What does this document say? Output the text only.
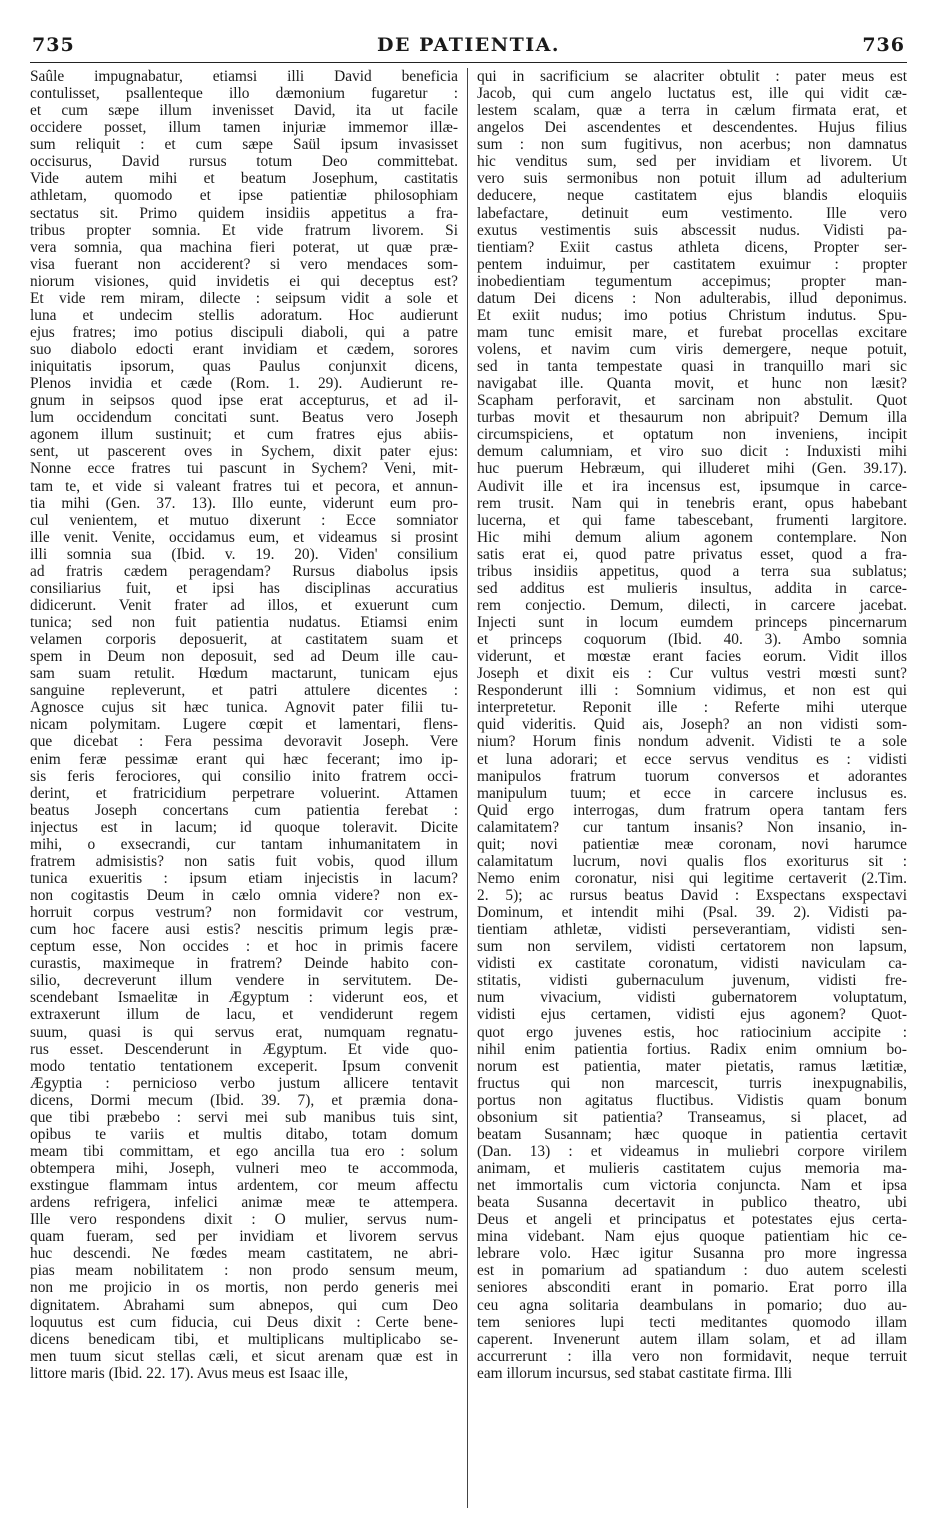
735	DE PATIENTIA.	736
Saûle impugnabatur, etiamsi illi David beneficia
contulisset, psallenteque illo dæmonium fugaretur :
et cum sæpe illum invenisset David, ita ut facile
occidere posset, illum tamen injuriæ immemor illæ-
sum reliquit : et cum sæpe Saül ipsum invasisset
occisurus, David rursus totum Deo committebat.
Vide autem mihi et beatum Josephum, castitatis
athletam, quomodo et ipse patientiæ philosophiam
sectatus sit. Primo quidem insidiis appetitus a fra-
tribus propter somnia. Et vide fratrum livorem. Si
vera somnia, qua machina fieri poterat, ut quæ præ-
visa fuerant non acciderent? si vero mendaces som-
niorum visiones, quid invidetis ei qui deceptus est?
Et vide rem miram, dilecte : seipsum vidit a sole et
luna et undecim stellis adoratum. Hoc audierunt
ejus fratres; imo potius discipuli diaboli, qui a patre
suo diabolo edocti erant invidiam et cædem, sorores
iniquitatis ipsorum, quas Paulus conjunxit dicens,
Plenos invidia et cæde (Rom. 1. 29). Audierunt re-
gnum in seipsos quod ipse erat accepturus, et ad il-
lum occidendum concitati sunt. Beatus vero Joseph
agonem illum sustinuit; et cum fratres ejus abiis-
sent, ut pascerent oves in Sychem, dixit pater ejus:
Nonne ecce fratres tui pascunt in Sychem? Veni, mit-
tam te, et vide si valeant fratres tui et pecora, et annun-
tia mihi (Gen. 37. 13). Illo eunte, viderunt eum pro-
cul venientem, et mutuo dixerunt : Ecce somniator
ille venit. Venite, occidamus eum, et videamus si prosint
illi somnia sua (Ibid. v. 19. 20). Viden' consilium
ad fratris cædem peragendam? Rursus diabolus ipsis
consiliarius fuit, et ipsi has disciplinas accuratius
didicerunt. Venit frater ad illos, et exuerunt cum
tunica; sed non fuit patientia nudatus. Etiamsi enim
velamen corporis deposuerit, at castitatem suam et
spem in Deum non deposuit, sed ad Deum ille cau-
sam suam retulit. Hœdum mactarunt, tunicam ejus
sanguine repleverunt, et patri attulere dicentes :
Agnosce cujus sit hæc tunica. Agnovit pater filii tu-
nicam polymitam. Lugere cœpit et lamentari, flens-
que dicebat : Fera pessima devoravit Joseph. Vere
enim feræ pessimæ erant qui hæc fecerant; imo ip-
sis feris ferociores, qui consilio inito fratrem occi-
derint, et fratricidium perpetrare voluerint. Attamen
beatus Joseph concertans cum patientia ferebat :
injectus est in lacum; id quoque toleravit. Dicite
mihi, o exsecrandi, cur tantam inhumanitatem in
fratrem admisistis? non satis fuit vobis, quod illum
tunica exueritis : ipsum etiam injecistis in lacum?
non cogitastis Deum in cælo omnia videre? non ex-
horruit corpus vestrum? non formidavit cor vestrum,
cum hoc facere ausi estis? nescitis primum legis præ-
ceptum esse, Non occides : et hoc in primis facere
curastis, maximeque in fratrem? Deinde habito con-
silio, decreverunt illum vendere in servitutem. De-
scendebant Ismaelitæ in Ægyptum : viderunt eos, et
extraxerunt illum de lacu, et vendiderunt regem
suum, quasi is qui servus erat, numquam regnatu-
rus esset. Descenderunt in Ægyptum. Et vide quo-
modo tentatio tentationem exceperit. Ipsum convenit
Ægyptia : pernicioso verbo justum allicere tentavit
dicens, Dormi mecum (Ibid. 39. 7), et præmia dona-
que tibi præbebo : servi mei sub manibus tuis sint,
opibus te variis et multis ditabo, totam domum
meam tibi committam, et ego ancilla tua ero : solum
obtempera mihi, Joseph, vulneri meo te accommoda,
exstingue flammam intus ardentem, cor meum affectu
ardens refrigera, infelici animæ meæ te attempera.
Ille vero respondens dixit : O mulier, servus num-
quam fueram, sed per invidiam et livorem servus
huc descendi. Ne fœdes meam castitatem, ne abri-
pias meam nobilitatem : non prodo sensum meum,
non me projicio in os mortis, non perdo generis mei
dignitatem. Abrahami sum abnepos, qui cum Deo
loquutus est cum fiducia, cui Deus dixit : Certe bene-
dicens benedicam tibi, et multiplicans multiplicabo se-
men tuum sicut stellas cæli, et sicut arenam quæ est in
littore maris (Ibid. 22. 17). Avus meus est Isaac ille,
qui in sacrificium se alacriter obtulit : pater meus est
Jacob, qui cum angelo luctatus est, ille qui vidit cæ-
lestem scalam, quæ a terra in cælum firmata erat, et
angelos Dei ascendentes et descendentes. Hujus filius
sum : non sum fugitivus, non acerbus; non damnatus
hic venditus sum, sed per invidiam et livorem. Ut
vero suis sermonibus non potuit illum ad adulterium
deducere, neque castitatem ejus blandis eloquiis
labefactare, detinuit eum vestimento. Ille vero
exutus vestimentis suis abscessit nudus. Vidisti pa-
tientiam? Exiit castus athleta dicens, Propter ser-
pentem induimur, per castitatem exuimur : propter
inobedientiam tegumentum accepimus; propter man-
datum Dei dicens : Non adulterabis, illud deponimus.
Et exiit nudus; imo potius Christum indutus. Spu-
mam tunc emisit mare, et furebat procellas excitare
volens, et navim cum viris demergere, neque potuit,
sed in tanta tempestate quasi in tranquillo mari sic
navigabat ille. Quanta movit, et hunc non læsit?
Scapham perforavit, et sarcinam non abstulit. Quot
turbas movit et thesaurum non abripuit? Demum illa
circumspiciens, et optatum non inveniens, incipit
demum calumniam, et viro suo dicit : Induxisti mihi
huc puerum Hebræum, qui illuderet mihi (Gen. 39.17).
Audivit ille et ira incensus est, ipsumque in carce-
rem trusit. Nam qui in tenebris erant, opus habebant
lucerna, et qui fame tabescebant, frumenti largitore.
Hic mihi demum alium agonem contemplare. Non
satis erat ei, quod patre privatus esset, quod a fra-
tribus insidiis appetitus, quod a terra sua sublatus;
sed additus est mulieris insultus, addita in carce-
rem conjectio. Demum, dilecti, in carcere jacebat.
Injecti sunt in locum eumdem princeps pincernarum
et princeps coquorum (Ibid. 40. 3). Ambo somnia
viderunt, et mœstæ erant facies eorum. Vidit illos
Joseph et dixit eis : Cur vultus vestri mœsti sunt?
Responderunt illi : Somnium vidimus, et non est qui
interpretetur. Reponit ille : Referte mihi uterque
quid videritis. Quid ais, Joseph? an non vidisti som-
nium? Horum finis nondum advenit. Vidisti te a sole
et luna adorari; et ecce servus venditus es : vidisti
manipulos fratrum tuorum conversos et adorantes
manipulum tuum; et ecce in carcere inclusus es.
Quid ergo interrogas, dum fratrum opera tantam fers
calamitatem? cur tantum insanis? Non insanio, in-
quit; novi patientiæ meæ coronam, novi harumce
calamitatum lucrum, novi qualis flos exoriturus sit :
Nemo enim coronatur, nisi qui legitime certaverit (2.Tim.
2. 5); ac rursus beatus David : Exspectans exspectavi
Dominum, et intendit mihi (Psal. 39. 2). Vidisti pa-
tientiam athletæ, vidisti perseverantiam, vidisti sen-
sum non servilem, vidisti certatorem non lapsum,
vidisti ex castitate coronatum, vidisti naviculam ca-
stitatis, vidisti gubernaculum juvenum, vidisti fre-
num vivacium, vidisti gubernatorem voluptatum,
vidisti ejus certamen, vidisti ejus agonem? Quot-
quot ergo juvenes estis, hoc ratiocinium accipite :
nihil enim patientia fortius. Radix enim omnium bo-
norum est patientia, mater pietatis, ramus lætitiæ,
fructus qui non marcescit, turris inexpugnabilis,
portus non agitatus fluctibus. Vidistis quam bonum
obsonium sit patientia? Transeamus, si placet, ad
beatam Susannam; hæc quoque in patientia certavit
(Dan. 13) : et videamus in muliebri corpore virilem
animam, et mulieris castitatem cujus memoria ma-
net immortalis cum victoria conjuncta. Nam et ipsa
beata Susanna decertavit in publico theatro, ubi
Deus et angeli et principatus et potestates ejus certa-
mina videbant. Nam ejus quoque patientiam hic ce-
lebrare volo. Hæc igitur Susanna pro more ingressa
est in pomarium ad spatiandum : duo autem scelesti
seniores absconditi erant in pomario. Erat porro illa
ceu agna solitaria deambulans in pomario; duo au-
tem seniores lupi tecti meditantes quomodo illam
caperent. Invenerunt autem illam solam, et ad illam
accurrerunt : illa vero non formidavit, neque terruit
eam illorum incursus, sed stabat castitate firma. Illi
